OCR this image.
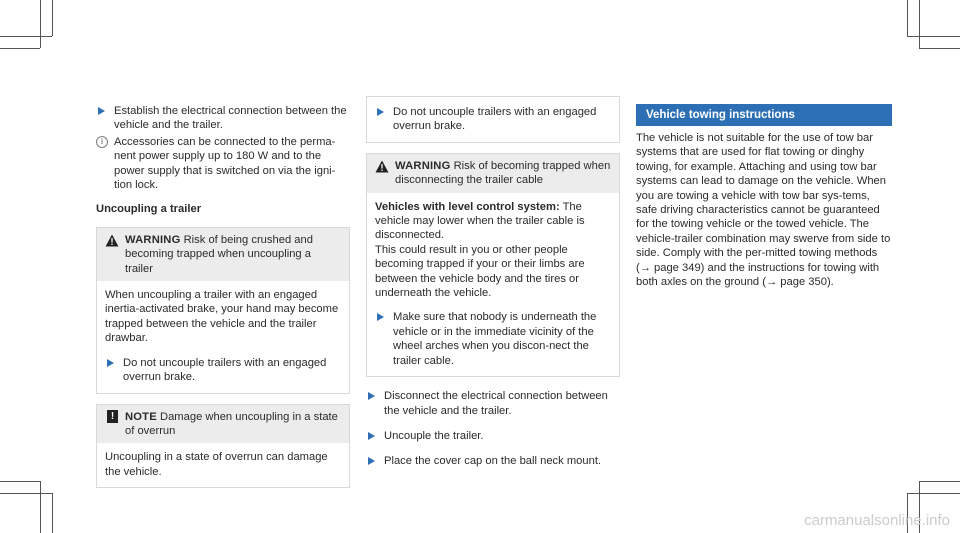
Establish the electrical connection between the vehicle and the trailer.

i Accessories can be connected to the perma-nent power supply up to 180 W and to the power supply that is switched on via the igni-tion lock.

Uncoupling a trailer
WARNING Risk of being crushed and becoming trapped when uncoupling a trailer

When uncoupling a trailer with an engaged inertia-activated brake, your hand may become trapped between the vehicle and the trailer drawbar.

Do not uncouple trailers with an engaged overrun brake.

! NOTE Damage when uncoupling in a state of overrun

Uncoupling in a state of overrun can damage the vehicle.

Do not uncouple trailers with an engaged overrun brake.

WARNING Risk of becoming trapped when disconnecting the trailer cable

Vehicles with level control system: The vehicle may lower when the trailer cable is disconnected.

This could result in you or other people becoming trapped if your or their limbs are between the vehicle body and the tires or underneath the vehicle.

Make sure that nobody is underneath the vehicle or in the immediate vicinity of the wheel arches when you discon-nect the trailer cable.

Disconnect the electrical connection between the vehicle and the trailer.

Uncouple the trailer.

Place the cover cap on the ball neck mount.

Vehicle towing instructions

The vehicle is not suitable for the use of tow bar systems that are used for flat towing or dinghy towing, for example. Attaching and using tow bar systems can lead to damage on the vehicle. When you are towing a vehicle with tow bar sys-tems, safe driving characteristics cannot be guaranteed for the towing vehicle or the towed vehicle. The vehicle-trailer combination may swerve from side to side. Comply with the per-mitted towing methods (→ page 349) and the instructions for towing with both axles on the ground (→ page 350).

carmanualsonline.info
